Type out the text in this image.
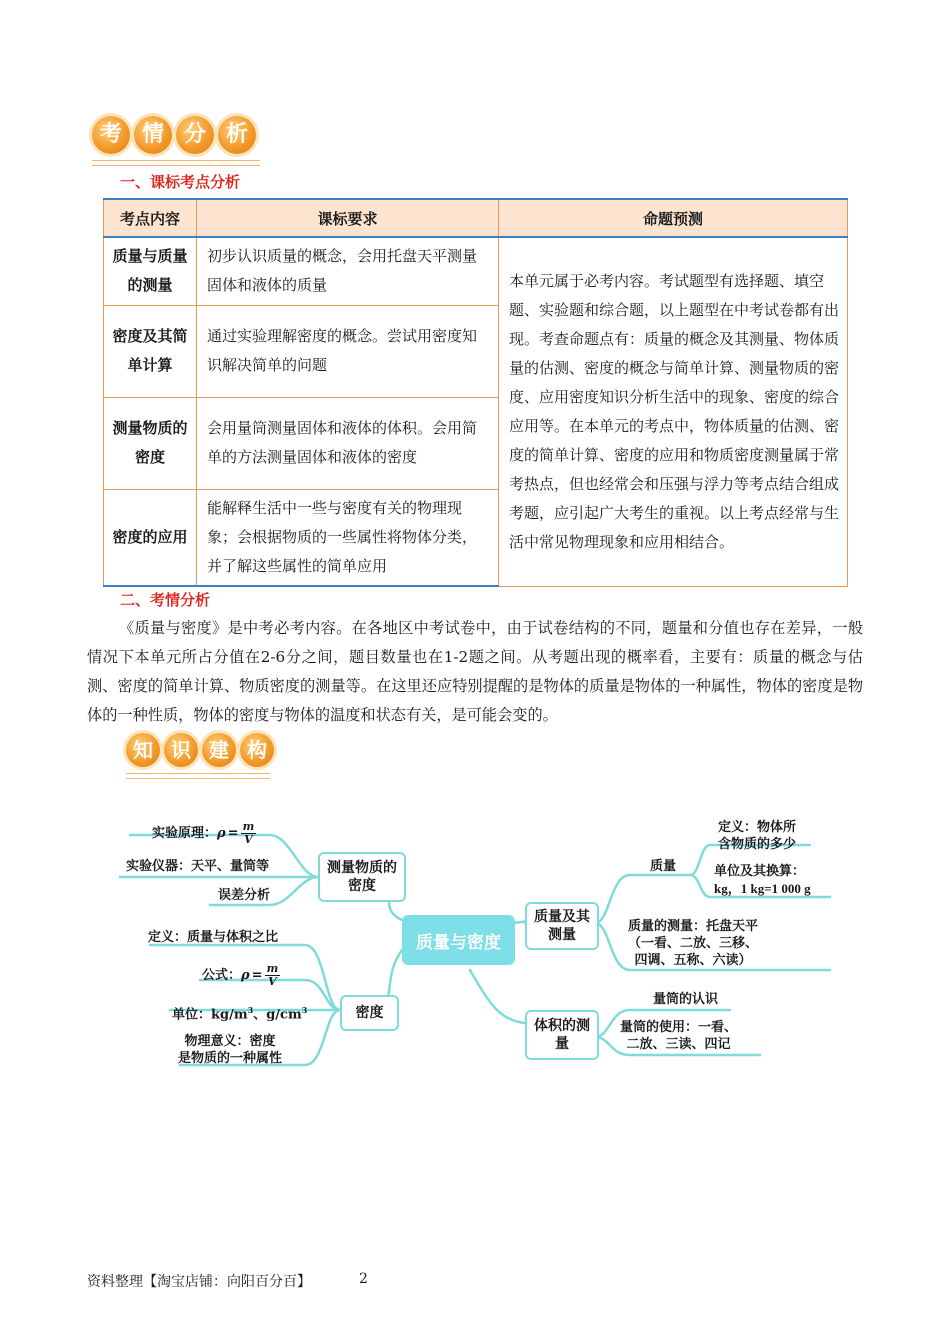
考 情 分 析
一、课标考点分析
考点内容	课标要求	命题预测
质量与质量的测量	初步认识质量的概念，会用托盘天平测量固体和液体的质量	本单元属于必考内容。考试题型有选择题、填空题、实验题和综合题，以上题型在中考试卷都有出现。考查命题点有：质量的概念及其测量、物体质量的估测、密度的概念与简单计算、测量物质的密度、应用密度知识分析生活中的现象、密度的综合应用等。在本单元的考点中，物体质量的估测、密度的简单计算、密度的应用和物质密度测量属于常考热点，但也经常会和压强与浮力等考点结合组成考题，应引起广大考生的重视。以上考点经常与生活中常见物理现象和应用相结合。
密度及其简单计算	通过实验理解密度的概念。尝试用密度知识解决简单的问题	
测量物质的密度	会用量筒测量固体和液体的体积。会用简单的方法测量固体和液体的密度	
密度的应用	能解释生活中一些与密度有关的物理现象；会根据物质的一些属性将物体分类，并了解这些属性的简单应用	
二、考情分析
《质量与密度》是中考必考内容。在各地区中考试卷中，由于试卷结构的不同，题量和分值也存在差异，一般情况下本单元所占分值在2-6分之间，题目数量也在1-2题之间。从考题出现的概率看，主要有：质量的概念与估测、密度的简单计算、物质密度的测量等。在这里还应特别提醒的是物体的质量是物体的一种属性，物体的密度是物体的一种性质，物体的密度与物体的温度和状态有关，是可能会变的。
知 识 建 构
质量与密度
测量物质的密度
实验原理： $\rho = \frac{m}{V}$
实验仪器：天平、量筒等
误差分析
密度
定义：质量与体积之比
公式： $\rho = \frac{m}{V}$
单位：$kg/m^3$、$g/cm^3$
物理意义：密度
是物质的一种属性
质量及其测量
质量
定义：物体所
含物质的多少
单位及其换算：
kg，1 kg=1 000 g
质量的测量：托盘天平
（一看、二放、三移、
四调、五称、六读）
体积的测量
量筒的认识
量筒的使用：一看、
二放、三读、四记
资料整理【淘宝店铺：向阳百分百】	2
